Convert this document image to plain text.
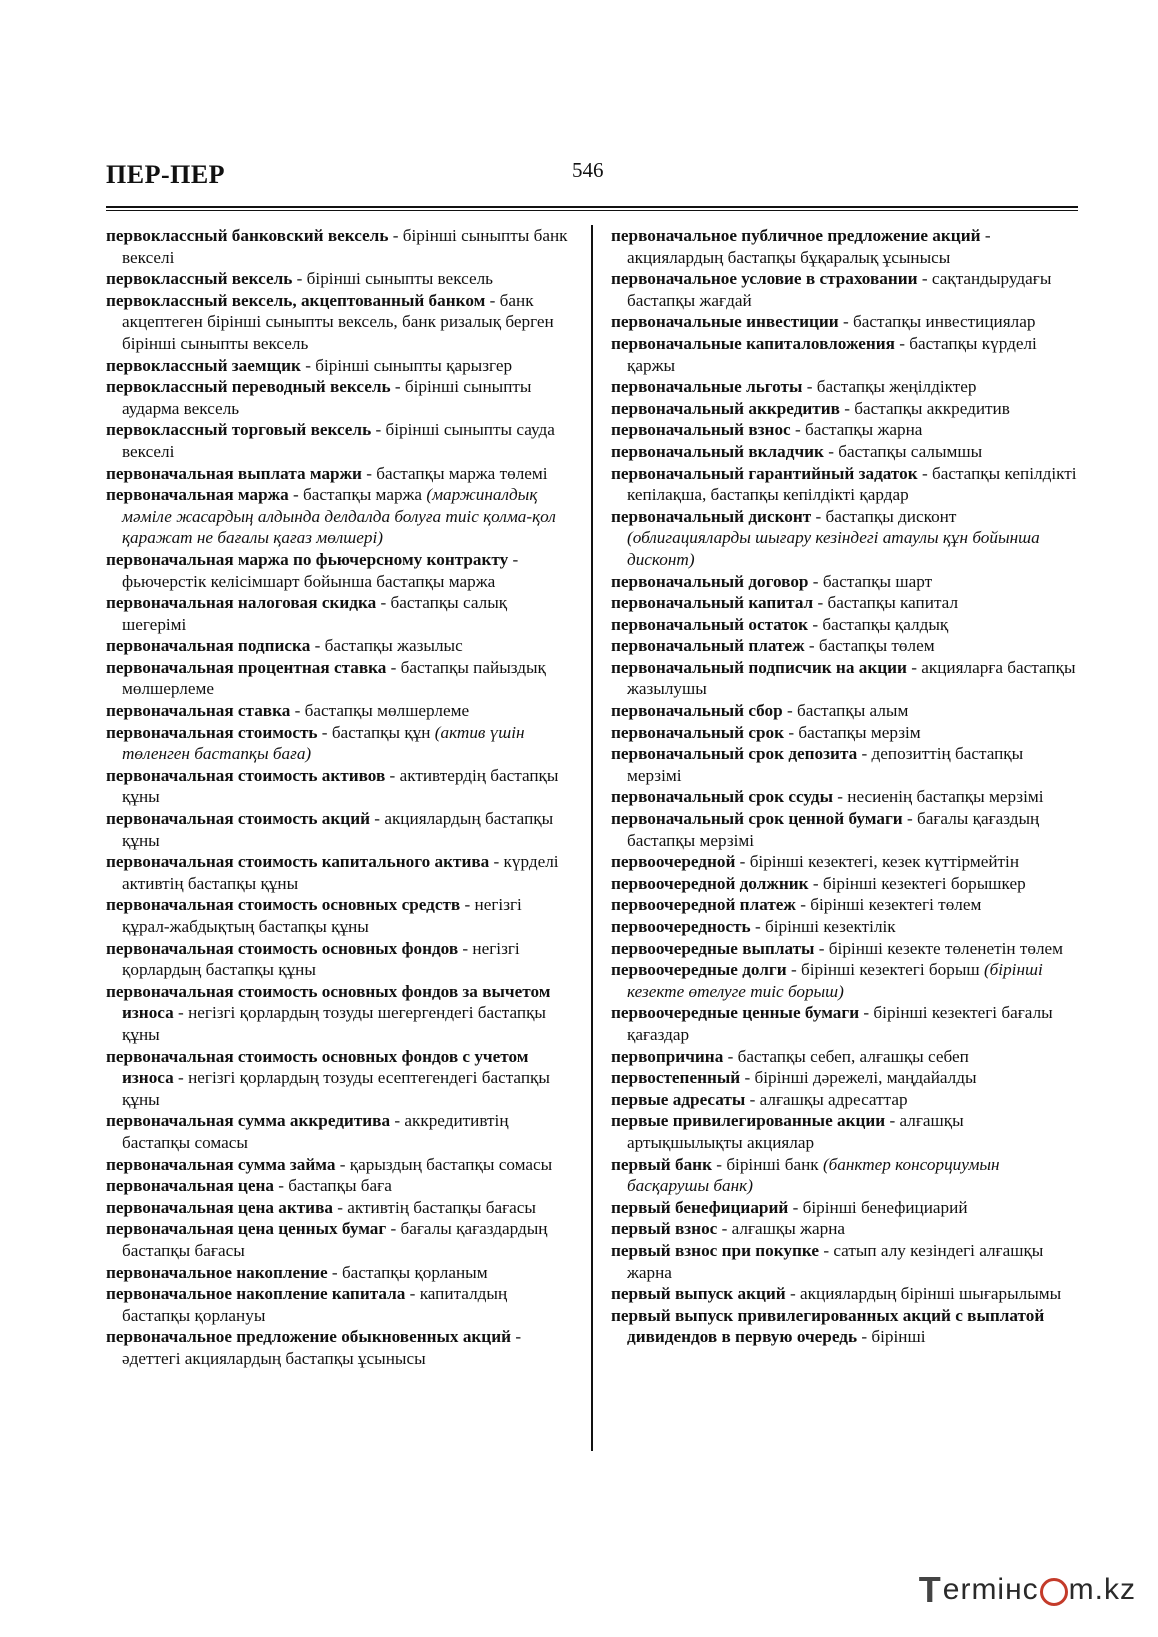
ПЕР-ПЕР	546

первоклассный банковский вексель - бірінші сыныпты банк векселі

первоклассный вексель - бірінші сыныпты вексель

первоклассный вексель, акцептованный банком - банк акцептеген бірінші сыныпты вексель, банк ризалық берген бірінші сыныпты вексель

первоклассный заемщик - бірінші сыныпты қарызгер

первоклассный переводный вексель - бірінші сыныпты аударма вексель

первоклассный торговый вексель - бірінші сыныпты сауда векселі

первоначальная выплата маржи - бастапқы маржа төлемі

первоначальная маржа - бастапқы маржа (маржиналдық мәміле жасардың алдында делдалда болуға тиіс қолма-қол қаражат не бағалы қағаз мөлшері)

первоначальная маржа по фьючерсному контракту - фьючерстік келісімшарт бойынша бастапқы маржа

первоначальная налоговая скидка - бастапқы салық шегерімі

первоначальная подписка - бастапқы жазылыс

первоначальная процентная ставка - бастапқы пайыздық мөлшерлеме

первоначальная ставка - бастапқы мөлшерлеме

первоначальная стоимость - бастапқы құн (актив үшін төленген бастапқы баға)

первоначальная стоимость активов - активтердің бастапқы құны

первоначальная стоимость акций - акциялардың бастапқы құны

первоначальная стоимость капитального актива - күрделі активтің бастапқы құны

первоначальная стоимость основных средств - негізгі құрал-жабдықтың бастапқы құны

первоначальная стоимость основных фондов - негізгі қорлардың бастапқы құны

первоначальная стоимость основных фондов за вычетом износа - негізгі қорлардың тозуды шегергендегі бастапқы құны

первоначальная стоимость основных фондов с учетом износа - негізгі қорлардың тозуды есептегендегі бастапқы құны

первоначальная сумма аккредитива - аккредитивтің бастапқы сомасы

первоначальная сумма займа - қарыздың бастапқы сомасы

первоначальная цена - бастапқы баға

первоначальная цена актива - активтің бастапқы бағасы

первоначальная цена ценных бумаг - бағалы қағаздардың бастапқы бағасы

первоначальное накопление - бастапқы қорланым

первоначальное накопление капитала - капиталдың бастапқы қорлануы

первоначальное предложение обыкновенных акций - әдеттегі акциялардың бастапқы ұсынысы

первоначальное публичное предложение акций - акциялардың бастапқы бұқаралық ұсынысы

первоначальное условие в страховании - сақтандырудағы бастапқы жағдай

первоначальные инвестиции - бастапқы инвестициялар

первоначальные капиталовложения - бастапқы күрделі қаржы

первоначальные льготы - бастапқы жеңілдіктер

первоначальный аккредитив - бастапқы аккредитив

первоначальный взнос - бастапқы жарна

первоначальный вкладчик - бастапқы салымшы

первоначальный гарантийный задаток - бастапқы кепілдікті кепілақша, бастапқы кепілдікті қардар

первоначальный дисконт - бастапқы дисконт (облигацияларды шығару кезіндегі атаулы құн бойынша дисконт)

первоначальный договор - бастапқы шарт

первоначальный капитал - бастапқы капитал

первоначальный остаток - бастапқы қалдық

первоначальный платеж - бастапқы төлем

первоначальный подписчик на акции - акцияларға бастапқы жазылушы

первоначальный сбор - бастапқы алым

первоначальный срок - бастапқы мерзім

первоначальный срок депозита - депозиттің бастапқы мерзімі

первоначальный срок ссуды - несиенің бастапқы мерзімі

первоначальный срок ценной бумаги - бағалы қағаздың бастапқы мерзімі

первоочередной - бірінші кезектегі, кезек күттірмейтін

первоочередной должник - бірінші кезектегі борышкер

первоочередной платеж - бірінші кезектегі төлем

первоочередность - бірінші кезектілік

первоочередные выплаты - бірінші кезекте төленетін төлем

первоочередные долги - бірінші кезектегі борыш (бірінші кезекте өтелуге тиіс борыш)

первоочередные ценные бумаги - бірінші кезектегі бағалы қағаздар

первопричина - бастапқы себеп, алғашқы себеп

первостепенный - бірінші дәрежелі, маңдайалды

первые адресаты - алғашқы адресаттар

первые привилегированные акции - алғашқы артықшылықты акциялар

первый банк - бірінші банк (банктер консорциумын басқарушы банк)

первый бенефициарий - бірінші бенефициарий

первый взнос - алғашқы жарна

первый взнос при покупке - сатып алу кезіндегі алғашқы жарна

первый выпуск акций - акциялардың бірінші шығарылымы

первый выпуск привилегированных акций с выплатой дивидендов в первую очередь - бірінші

T ermінc m.kz
